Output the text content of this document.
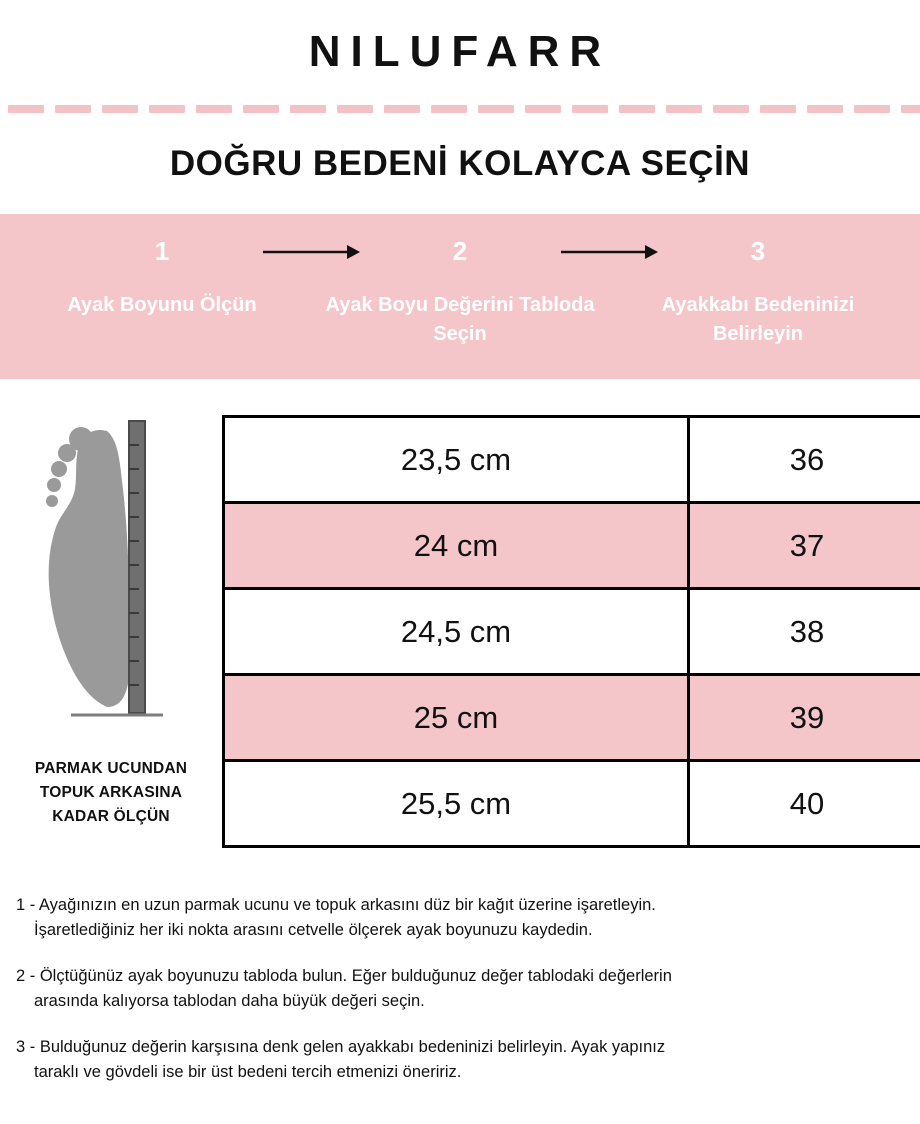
NILUFARR
DOĞRU BEDENİ KOLAYCA SEÇİN
1	2	3
Ayak Boyunu Ölçün	Ayak Boyu Değerini Tabloda Seçin
Ayakkabı Bedeninizi Belirleyin
PARMAK UCUNDAN TOPUK ARKASINA KADAR ÖLÇÜN
23,5 cm	36
24 cm	37
24,5 cm	38
25 cm	39
25,5 cm	40

1 - Ayağınızın en uzun parmak ucunu ve topuk arkasını düz bir kağıt üzerine işaretleyin.
İşaretlediğiniz her iki nokta arasını cetvelle ölçerek ayak boyunuzu kaydedin.

2 - Ölçtüğünüz ayak boyunuzu tabloda bulun. Eğer bulduğunuz değer tablodaki değerlerin
arasında kalıyorsa tablodan daha büyük değeri seçin.

3 - Bulduğunuz değerin karşısına denk gelen ayakkabı bedeninizi belirleyin. Ayak yapınız
taraklı ve gövdeli ise bir üst bedeni tercih etmenizi öneririz.
